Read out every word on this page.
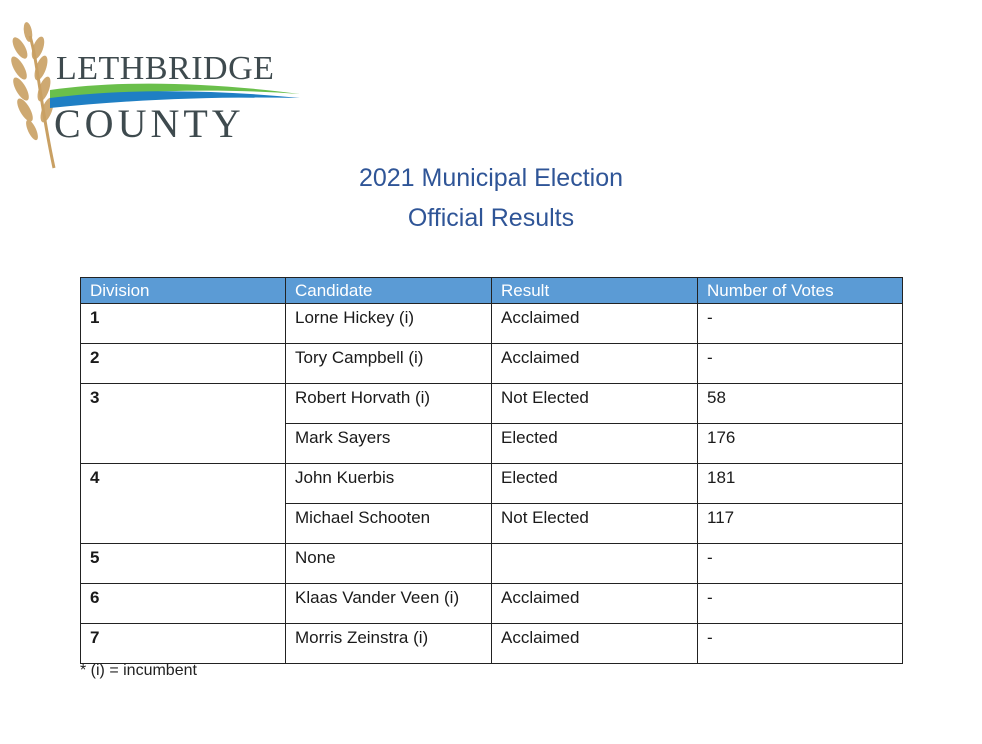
LETHBRIDGE
COUNTY
2021 Municipal Election
Official Results
Division	Candidate	Result	Number of Votes
1	Lorne Hickey (i)	Acclaimed	-
2	Tory Campbell (i)	Acclaimed	-
3	Robert Horvath (i)	Not Elected	58
	Mark Sayers	Elected	176
4	John Kuerbis	Elected	181
	Michael Schooten	Not Elected	117
5	None		-
6	Klaas Vander Veen (i)	Acclaimed	-
7	Morris Zeinstra (i)	Acclaimed	-
* (i) = incumbent
